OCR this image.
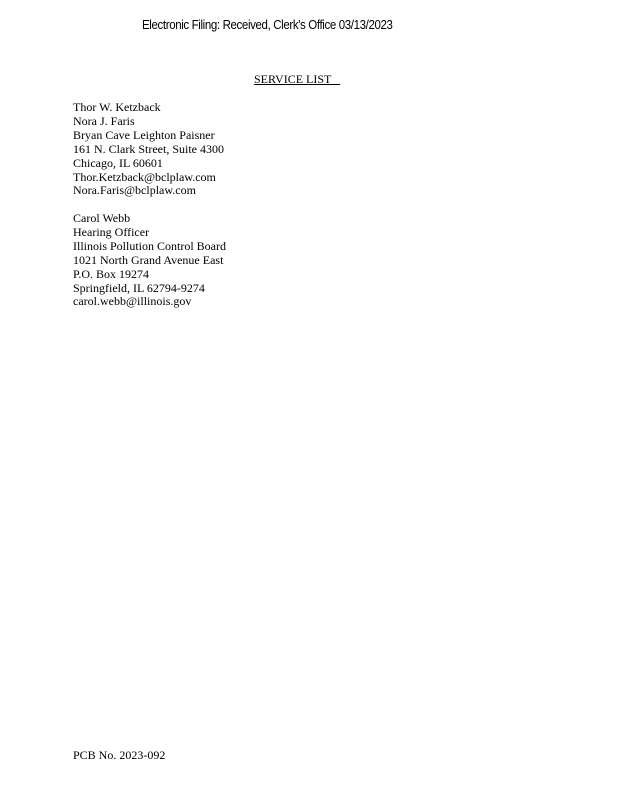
Electronic Filing: Received, Clerk's Office 03/13/2023
SERVICE LIST
Thor W. Ketzback
Nora J. Faris
Bryan Cave Leighton Paisner
161 N. Clark Street, Suite 4300
Chicago, IL 60601
Thor.Ketzback@bclplaw.com
Nora.Faris@bclplaw.com
Carol Webb
Hearing Officer
Illinois Pollution Control Board
1021 North Grand Avenue East
P.O. Box 19274
Springfield, IL 62794-9274
carol.webb@illinois.gov
PCB No. 2023-092
